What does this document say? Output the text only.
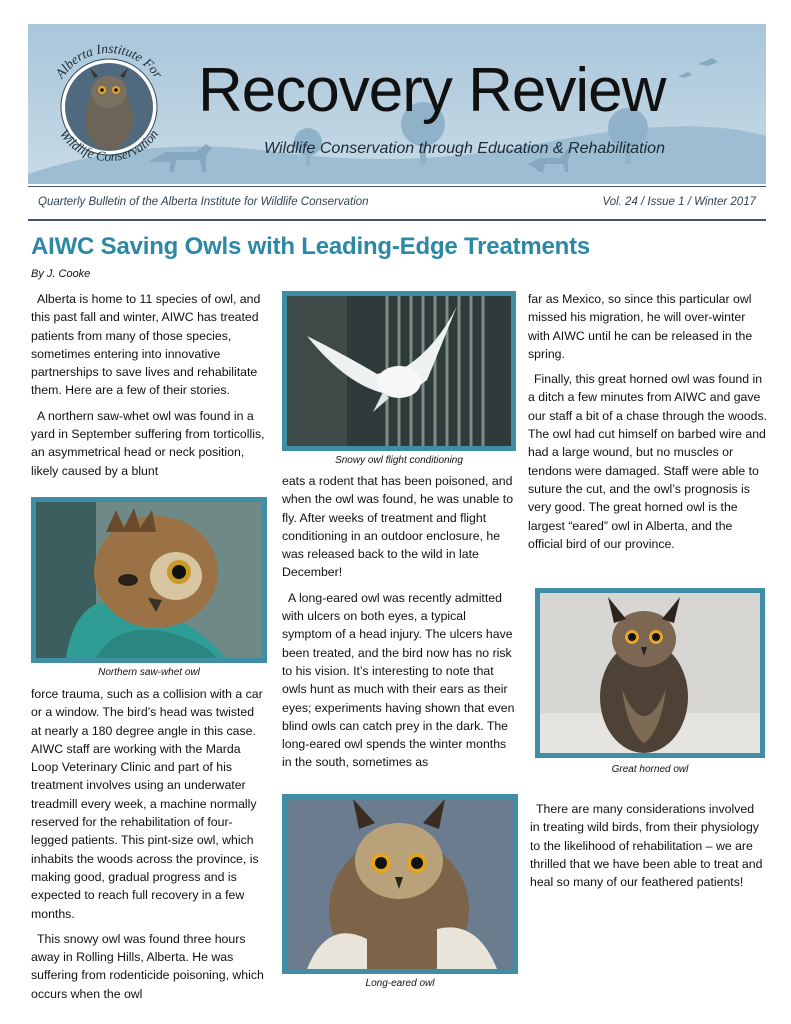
Alberta Institute For
Wildlife Conservation
Recovery Review
Wildlife Conservation through Education & Rehabilitation
Quarterly Bulletin of the Alberta Institute for Wildlife Conservation	Vol. 24 / Issue 1 / Winter 2017
AIWC Saving Owls with Leading-Edge Treatments
By J. Cooke

Alberta is home to 11 species of owl, and this past fall and winter, AIWC has treated patients from many of those species, sometimes entering into innovative partnerships to save lives and rehabilitate them. Here are a few of their stories.

A northern saw-whet owl was found in a yard in September suffering from torticollis, an asymmetrical head or neck position, likely caused by a blunt

Northern saw-whet owl

force trauma, such as a collision with a car or a window. The bird’s head was twisted at nearly a 180 degree angle in this case. AIWC staff are working with the Marda Loop Veterinary Clinic and part of his treatment involves using an underwater treadmill every week, a machine normally reserved for the rehabilitation of four-legged patients. This pint-size owl, which inhabits the woods across the province, is making good, gradual progress and is expected to reach full recovery in a few months.

This snowy owl was found three hours away in Rolling Hills, Alberta. He was suffering from rodenticide poisoning, which occurs when the owl

Snowy owl flight conditioning

eats a rodent that has been poisoned, and when the owl was found, he was unable to fly. After weeks of treatment and flight conditioning in an outdoor enclosure, he was released back to the wild in late December!

A long-eared owl was recently admitted with ulcers on both eyes, a typical symptom of a head injury. The ulcers have been treated, and the bird now has no risk to his vision. It’s interesting to note that owls hunt as much with their ears as their eyes; experiments having shown that even blind owls can catch prey in the dark. The long-eared owl spends the winter months in the south, sometimes as

Long-eared owl

far as Mexico, so since this particular owl missed his migration, he will over-winter with AIWC until he can be released in the spring.

Finally, this great horned owl was found in a ditch a few minutes from AIWC and gave our staff a bit of a chase through the woods. The owl had cut himself on barbed wire and had a large wound, but no muscles or tendons were damaged. Staff were able to suture the cut, and the owl’s prognosis is very good. The great horned owl is the largest “eared” owl in Alberta, and the official bird of our province.

Great horned owl

There are many considerations involved in treating wild birds, from their physiology to the likelihood of rehabilitation – we are thrilled that we have been able to treat and heal so many of our feathered patients!
